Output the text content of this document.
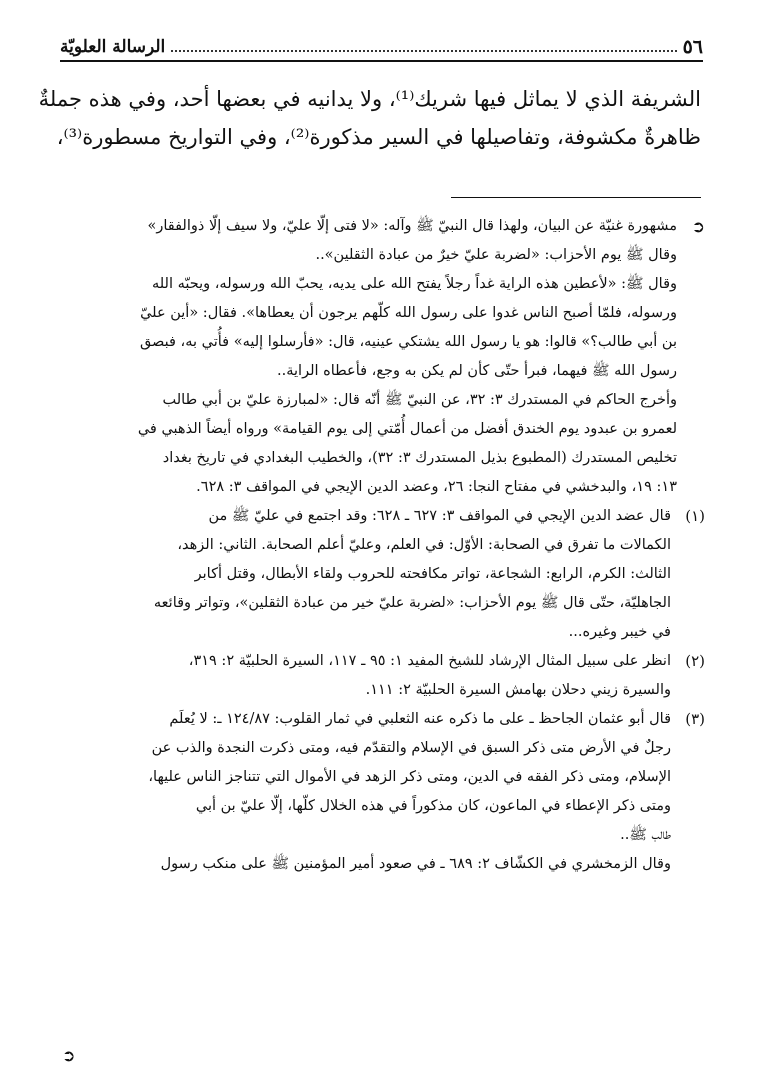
٥٦
الرسالة العلويّة

الشريفة الذي لا يماثل فيها شريك⁽¹⁾، ولا يدانيه في بعضها أحد، وفي هذه جملةٌ

ظاهرةٌ مكشوفة، وتفاصيلها في السير مذكورة⁽²⁾، وفي التواريخ مسطورة⁽³⁾،

➲
مشهورة غنيّة عن البيان، ولهذا قال النبيّ ﷺ وآله: «لا فتى إلّا عليّ، ولا سيف إلّا ذوالفقار»
وقال ﷺ يوم الأحزاب: «لضربة عليّ خيرٌ من عبادة الثقلين»..
وقال ﷺ: «لأعطين هذه الراية غداً رجلاً يفتح الله على يديه، يحبّ الله ورسوله، ويحبّه الله
ورسوله، فلمّا أصبح الناس غدوا على رسول الله كلّهم يرجون أن يعطاها». فقال: «أين عليّ
بن أبي طالب؟» قالوا: هو يا رسول الله يشتكي عينيه، قال: «فأرسلوا إليه» فأُتي به، فبصق
رسول الله ﷺ فيهما، فبرأ حتّى كأن لم يكن به وجع، فأعطاه الراية..
وأخرج الحاكم في المستدرك ٣: ٣٢، عن النبيّ ﷺ أنّه قال: «لمبارزة عليّ بن أبي طالب
لعمرو بن عبدود يوم الخندق أفضل من أعمال أُمّتي إلى يوم القيامة» ورواه أيضاً الذهبي في
تخليص المستدرك (المطبوع بذيل المستدرك ٣: ٣٢)، والخطيب البغدادي في تاريخ بغداد
١٣: ١٩، والبدخشي في مفتاح النجا: ٢٦، وعضد الدين الإيجي في المواقف ٣: ٦٢٨.
(١)
قال عضد الدين الإيجي في المواقف ٣: ٦٢٧ ـ ٦٢٨: وقد اجتمع في عليّ ﷺ من
الكمالات ما تفرق في الصحابة: الأوّل: في العلم، وعليّ أعلم الصحابة. الثاني: الزهد،
الثالث: الكرم، الرابع: الشجاعة، تواتر مكافحته للحروب ولقاء الأبطال، وقتل أكابر
الجاهليّة، حتّى قال ﷺ يوم الأحزاب: «لضربة عليّ خير من عبادة الثقلين»، وتواتر وقائعه
في خيبر وغيره...
(٢)
انظر على سبيل المثال الإرشاد للشيخ المفيد ١: ٩٥ ـ ١١٧، السيرة الحلبيّة ٢: ٣١٩،
والسيرة زيني دحلان بهامش السيرة الحلبيّة ٢: ١١١.
(٣)
قال أبو عثمان الجاحظ ـ على ما ذكره عنه الثعلبي في ثمار القلوب: ١٢٤/٨٧ ـ: لا يُعلَم
رجلٌ في الأرض متى ذكر السبق في الإسلام والتقدّم فيه، ومتى ذكرت النجدة والذب عن
الإسلام، ومتى ذكر الفقه في الدين، ومتى ذكر الزهد في الأموال التي تتناجز الناس عليها،
ومتى ذكر الإعطاء في الماعون، كان مذكوراً في هذه الخلال كلّها، إلّا عليّ بن أبي
طالب ﷺ..
وقال الزمخشري في الكشّاف ٢: ٦٨٩ ـ في صعود أمير المؤمنين ﷺ على منكب رسول
➲
